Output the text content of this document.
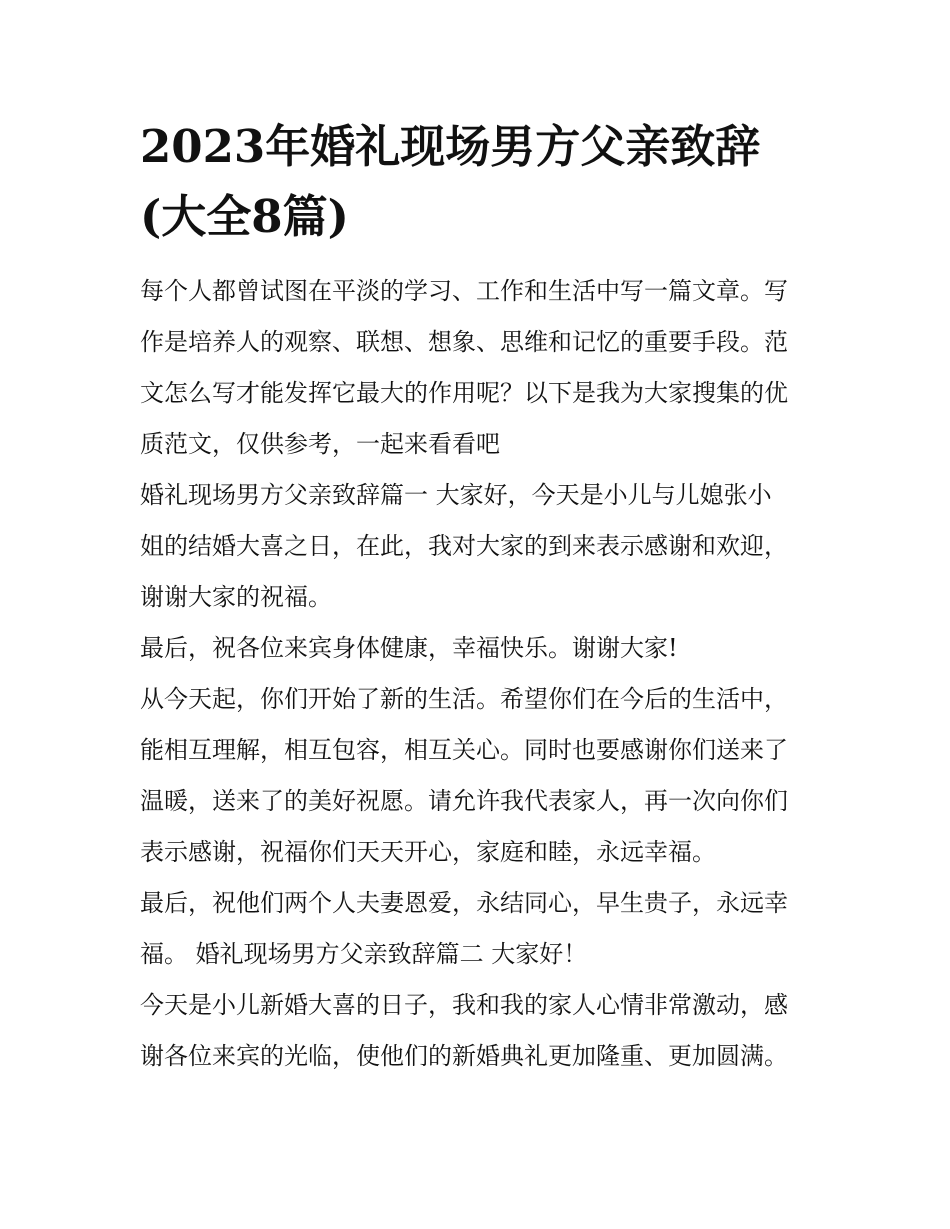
2023年婚礼现场男方父亲致辞
(大全8篇)

每个人都曾试图在平淡的学习、工作和生活中写一篇文章。写
作是培养人的观察、联想、想象、思维和记忆的重要手段。范
文怎么写才能发挥它最大的作用呢？以下是我为大家搜集的优
质范文，仅供参考，一起来看看吧

婚礼现场男方父亲致辞篇一 大家好，今天是小儿与儿媳张小
姐的结婚大喜之日，在此，我对大家的到来表示感谢和欢迎，
谢谢大家的祝福。

最后，祝各位来宾身体健康，幸福快乐。谢谢大家!

从今天起，你们开始了新的生活。希望你们在今后的生活中，
能相互理解，相互包容，相互关心。同时也要感谢你们送来了
温暖，送来了的美好祝愿。请允许我代表家人，再一次向你们
表示感谢，祝福你们天天开心，家庭和睦，永远幸福。

最后，祝他们两个人夫妻恩爱，永结同心，早生贵子，永远幸
福。 婚礼现场男方父亲致辞篇二 大家好！

今天是小儿新婚大喜的日子，我和我的家人心情非常激动，感
谢各位来宾的光临，使他们的新婚典礼更加隆重、更加圆满。
